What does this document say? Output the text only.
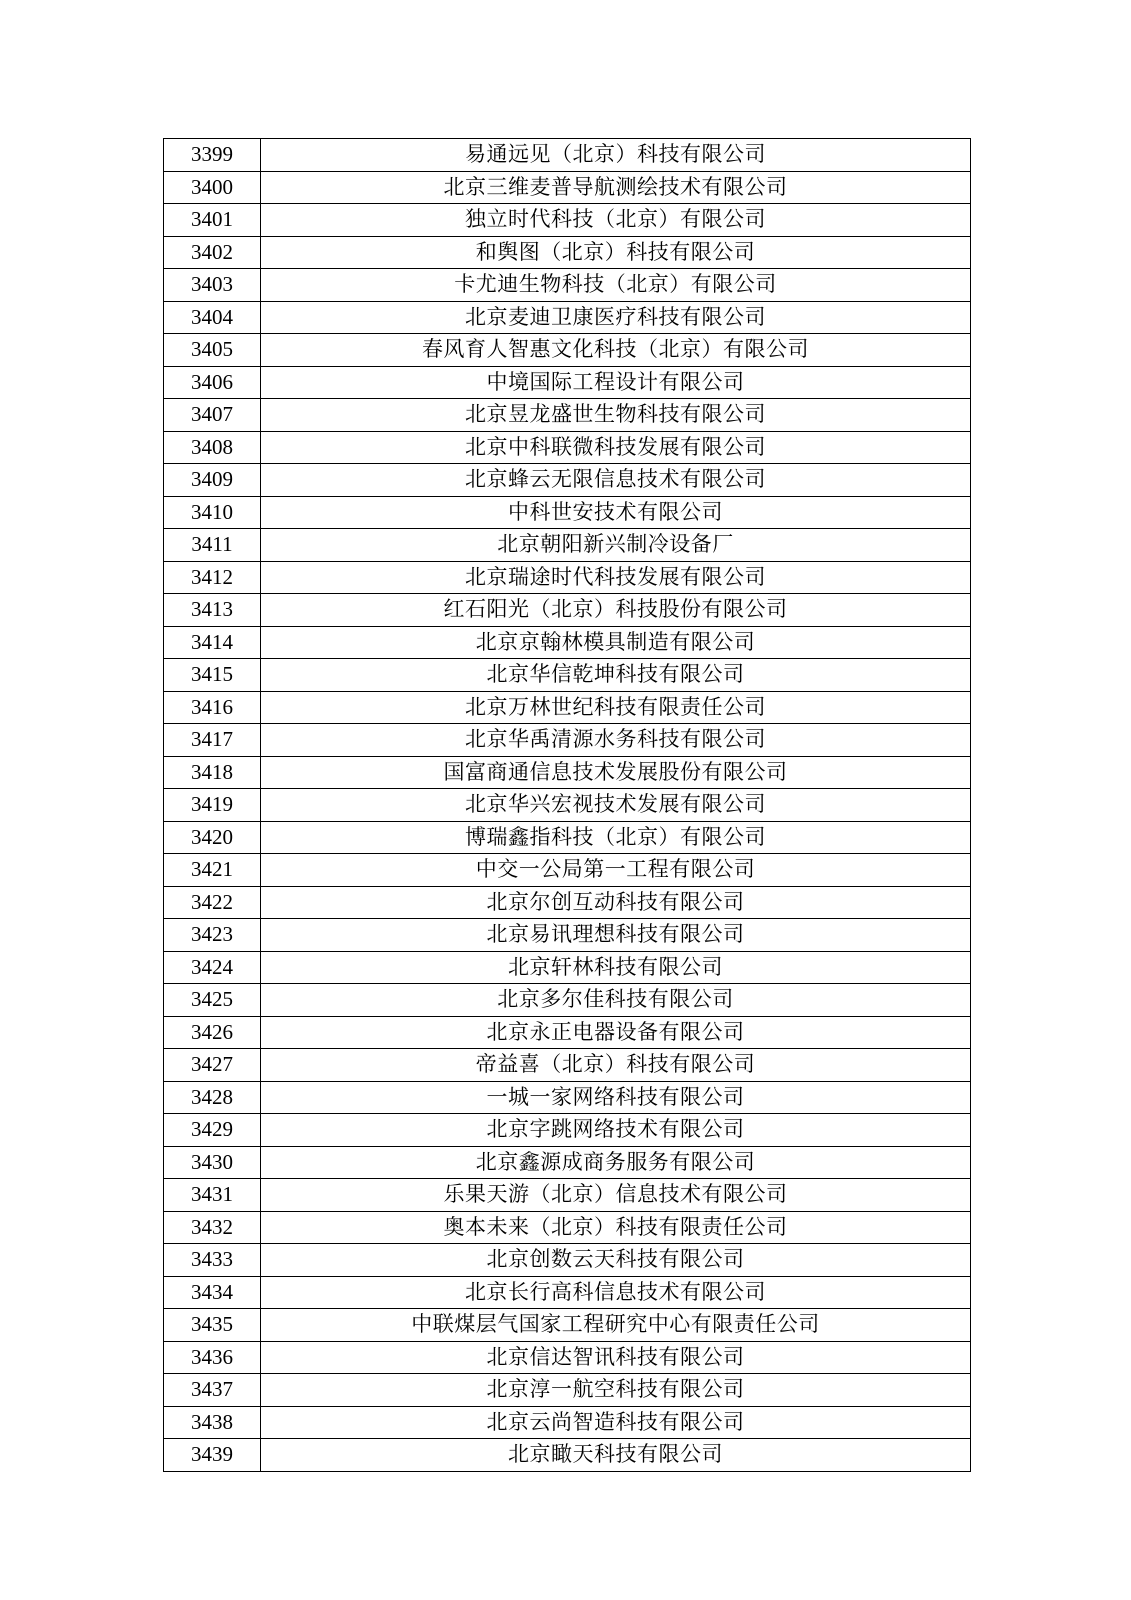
3399	易通远见（北京）科技有限公司
3400	北京三维麦普导航测绘技术有限公司
3401	独立时代科技（北京）有限公司
3402	和舆图（北京）科技有限公司
3403	卡尤迪生物科技（北京）有限公司
3404	北京麦迪卫康医疗科技有限公司
3405	春风育人智惠文化科技（北京）有限公司
3406	中境国际工程设计有限公司
3407	北京昱龙盛世生物科技有限公司
3408	北京中科联微科技发展有限公司
3409	北京蜂云无限信息技术有限公司
3410	中科世安技术有限公司
3411	北京朝阳新兴制冷设备厂
3412	北京瑞途时代科技发展有限公司
3413	红石阳光（北京）科技股份有限公司
3414	北京京翰林模具制造有限公司
3415	北京华信乾坤科技有限公司
3416	北京万林世纪科技有限责任公司
3417	北京华禹清源水务科技有限公司
3418	国富商通信息技术发展股份有限公司
3419	北京华兴宏视技术发展有限公司
3420	博瑞鑫指科技（北京）有限公司
3421	中交一公局第一工程有限公司
3422	北京尔创互动科技有限公司
3423	北京易讯理想科技有限公司
3424	北京轩林科技有限公司
3425	北京多尔佳科技有限公司
3426	北京永正电器设备有限公司
3427	帝益喜（北京）科技有限公司
3428	一城一家网络科技有限公司
3429	北京字跳网络技术有限公司
3430	北京鑫源成商务服务有限公司
3431	乐果天游（北京）信息技术有限公司
3432	奥本未来（北京）科技有限责任公司
3433	北京创数云天科技有限公司
3434	北京长行高科信息技术有限公司
3435	中联煤层气国家工程研究中心有限责任公司
3436	北京信达智讯科技有限公司
3437	北京淳一航空科技有限公司
3438	北京云尚智造科技有限公司
3439	北京瞰天科技有限公司
